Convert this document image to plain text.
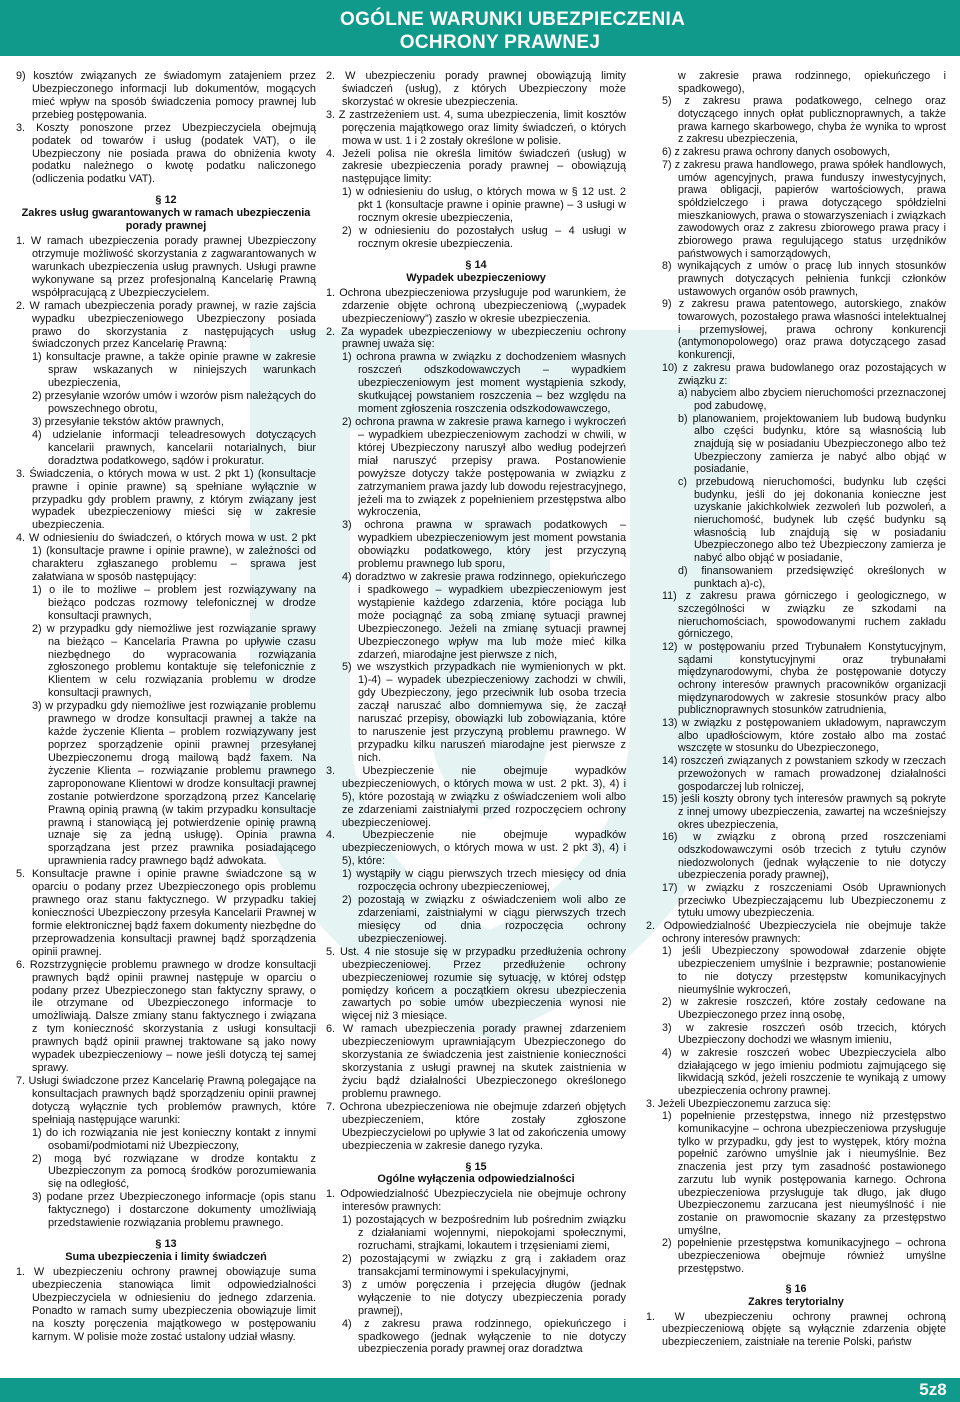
OGÓLNE WARUNKI UBEZPIECZENIA
OCHRONY PRAWNEJ

9) kosztów związanych ze świadomym zatajeniem przez Ubezpieczonego informacji lub dokumentów, mogących mieć wpływ na sposób świadczenia pomocy prawnej lub przebieg postępowania.

3. Koszty ponoszone przez Ubezpieczyciela obejmują podatek od towarów i usług (podatek VAT), o ile Ubezpieczony nie posiada prawa do obniżenia kwoty podatku należnego o kwotę podatku naliczonego (odliczenia podatku VAT).

§ 12
Zakres usług gwarantowanych w ramach ubezpieczenia porady prawnej

1. W ramach ubezpieczenia porady prawnej Ubezpieczony otrzymuje możliwość skorzystania z zagwarantowanych w warunkach ubezpieczenia usług prawnych. Usługi prawne wykonywane są przez profesjonalną Kancelarię Prawną współpracującą z Ubezpieczycielem.

2. W ramach ubezpieczenia porady prawnej, w razie zajścia wypadku ubezpieczeniowego Ubezpieczony posiada prawo do skorzystania z następujących usług świadczonych przez Kancelarię Prawną:

1) konsultacje prawne, a także opinie prawne w zakresie spraw wskazanych w niniejszych warunkach ubezpieczenia,

2) przesyłanie wzorów umów i wzorów pism należących do powszechnego obrotu,

3) przesyłanie tekstów aktów prawnych,

4) udzielanie informacji teleadresowych dotyczących kancelarii prawnych, kancelarii notarialnych, biur doradztwa podatkowego, sądów i prokuratur.

3. Świadczenia, o których mowa w ust. 2 pkt 1) (konsultacje prawne i opinie prawne) są spełniane wyłącznie w przypadku gdy problem prawny, z którym związany jest wypadek ubezpieczeniowy mieści się w zakresie ubezpieczenia.

4. W odniesieniu do świadczeń, o których mowa w ust. 2 pkt 1) (konsultacje prawne i opinie prawne), w zależności od charakteru zgłaszanego problemu – sprawa jest załatwiana w sposób następujący:

1) o ile to możliwe – problem jest rozwiązywany na bieżąco podczas rozmowy telefonicznej w drodze konsultacji prawnych,

2) w przypadku gdy niemożliwe jest rozwiązanie sprawy na bieżąco – Kancelaria Prawna po upływie czasu niezbędnego do wypracowania rozwiązania zgłoszonego problemu kontaktuje się telefonicznie z Klientem w celu rozwiązania problemu w drodze konsultacji prawnych,

3) w przypadku gdy niemożliwe jest rozwiązanie problemu prawnego w drodze konsultacji prawnej a także na każde życzenie Klienta – problem rozwiązywany jest poprzez sporządzenie opinii prawnej przesyłanej Ubezpieczonemu drogą mailową bądź faxem. Na życzenie Klienta – rozwiązanie problemu prawnego zaproponowane Klientowi w drodze konsultacji prawnej zostanie potwierdzone sporządzoną przez Kancelarię Prawną opinią prawną (w takim przypadku konsultacje prawną i stanowiącą jej potwierdzenie opinię prawną uznaje się za jedną usługę). Opinia prawna sporządzana jest przez prawnika posiadającego uprawnienia radcy prawnego bądź adwokata.

5. Konsultacje prawne i opinie prawne świadczone są w oparciu o podany przez Ubezpieczonego opis problemu prawnego oraz stanu faktycznego. W przypadku takiej konieczności Ubezpieczony przesyła Kancelarii Prawnej w formie elektronicznej bądź faxem dokumenty niezbędne do przeprowadzenia konsultacji prawnej bądź sporządzenia opinii prawnej.

6. Rozstrzygnięcie problemu prawnego w drodze konsultacji prawnych bądź opinii prawnej następuje w oparciu o podany przez Ubezpieczonego stan faktyczny sprawy, o ile otrzymane od Ubezpieczonego informacje to umożliwiają. Dalsze zmiany stanu faktycznego i związana z tym konieczność skorzystania z usługi konsultacji prawnych bądź opinii prawnej traktowane są jako nowy wypadek ubezpieczeniowy – nowe jeśli dotyczą tej samej sprawy.

7. Usługi świadczone przez Kancelarię Prawną polegające na konsultacjach prawnych bądź sporządzeniu opinii prawnej dotyczą wyłącznie tych problemów prawnych, które spełniają następujące warunki:

1) do ich rozwiązania nie jest konieczny kontakt z innymi osobami/podmiotami niż Ubezpieczony,

2) mogą być rozwiązane w drodze kontaktu z Ubezpieczonym za pomocą środków porozumiewania się na odległość,

3) podane przez Ubezpieczonego informacje (opis stanu faktycznego) i dostarczone dokumenty umożliwiają przedstawienie rozwiązania problemu prawnego.

§ 13
Suma ubezpieczenia i limity świadczeń

1. W ubezpieczeniu ochrony prawnej obowiązuje suma ubezpieczenia stanowiąca limit odpowiedzialności Ubezpieczyciela w odniesieniu do jednego zdarzenia. Ponadto w ramach sumy ubezpieczenia obowiązuje limit na koszty poręczenia majątkowego w postępowaniu karnym. W polisie może zostać ustalony udział własny.

2. W ubezpieczeniu porady prawnej obowiązują limity świadczeń (usług), z których Ubezpieczony może skorzystać w okresie ubezpieczenia.

3. Z zastrzeżeniem ust. 4, suma ubezpieczenia, limit kosztów poręczenia majątkowego oraz limity świadczeń, o których mowa w ust. 1 i 2 zostały określone w polisie.

4. Jeżeli polisa nie określa limitów świadczeń (usług) w zakresie ubezpieczenia porady prawnej – obowiązują następujące limity:

1) w odniesieniu do usług, o których mowa w § 12 ust. 2 pkt 1 (konsultacje prawne i opinie prawne) – 3 usługi w rocznym okresie ubezpieczenia,

2) w odniesieniu do pozostałych usług – 4 usługi w rocznym okresie ubezpieczenia.

§ 14
Wypadek ubezpieczeniowy

1. Ochrona ubezpieczeniowa przysługuje pod warunkiem, że zdarzenie objęte ochroną ubezpieczeniową („wypadek ubezpieczeniowy”) zaszło w okresie ubezpieczenia.

2. Za wypadek ubezpieczeniowy w ubezpieczeniu ochrony prawnej uważa się:

1) ochrona prawna w związku z dochodzeniem własnych roszczeń odszkodowawczych – wypadkiem ubezpieczeniowym jest moment wystąpienia szkody, skutkującej powstaniem roszczenia – bez względu na moment zgłoszenia roszczenia odszkodowawczego,

2) ochrona prawna w zakresie prawa karnego i wykroczeń – wypadkiem ubezpieczeniowym zachodzi w chwili, w której Ubezpieczony naruszył albo według podejrzeń miał naruszyć przepisy prawa. Postanowienie powyższe dotyczy także postępowania w związku z zatrzymaniem prawa jazdy lub dowodu rejestracyjnego, jeżeli ma to związek z popełnieniem przestępstwa albo wykroczenia,

3) ochrona prawna w sprawach podatkowych – wypadkiem ubezpieczeniowym jest moment powstania obowiązku podatkowego, który jest przyczyną problemu prawnego lub sporu,

4) doradztwo w zakresie prawa rodzinnego, opiekuńczego i spadkowego – wypadkiem ubezpieczeniowym jest wystąpienie każdego zdarzenia, które pociąga lub może pociągnąć za sobą zmianę sytuacji prawnej Ubezpieczonego. Jeżeli na zmianę sytuacji prawnej Ubezpieczonego wpływ ma lub może mieć kilka zdarzeń, miarodajne jest pierwsze z nich,

5) we wszystkich przypadkach nie wymienionych w pkt. 1)-4) – wypadek ubezpieczeniowy zachodzi w chwili, gdy Ubezpieczony, jego przeciwnik lub osoba trzecia zaczął naruszać albo domniemywa się, że zaczął naruszać przepisy, obowiązki lub zobowiązania, które to naruszenie jest przyczyną problemu prawnego. W przypadku kilku naruszeń miarodajne jest pierwsze z nich.

3. Ubezpieczenie nie obejmuje wypadków ubezpieczeniowych, o których mowa w ust. 2 pkt. 3), 4) i 5), które pozostają w związku z oświadczeniem woli albo ze zdarzeniami zaistniałymi przed rozpoczęciem ochrony ubezpieczeniowej.

4. Ubezpieczenie nie obejmuje wypadków ubezpieczeniowych, o których mowa w ust. 2 pkt 3), 4) i 5), które:

1) wystąpiły w ciągu pierwszych trzech miesięcy od dnia rozpoczęcia ochrony ubezpieczeniowej,

2) pozostają w związku z oświadczeniem woli albo ze zdarzeniami, zaistniałymi w ciągu pierwszych trzech miesięcy od dnia rozpoczęcia ochrony ubezpieczeniowej.

5. Ust. 4 nie stosuje się w przypadku przedłużenia ochrony ubezpieczeniowej. Przez przedłużenie ochrony ubezpieczeniowej rozumie się sytuację, w której odstęp pomiędzy końcem a początkiem okresu ubezpieczenia zawartych po sobie umów ubezpieczenia wynosi nie więcej niż 3 miesiące.

6. W ramach ubezpieczenia porady prawnej zdarzeniem ubezpieczeniowym uprawniającym Ubezpieczonego do skorzystania ze świadczenia jest zaistnienie konieczności skorzystania z usługi prawnej na skutek zaistnienia w życiu bądź działalności Ubezpieczonego określonego problemu prawnego.

7. Ochrona ubezpieczeniowa nie obejmuje zdarzeń objętych ubezpieczeniem, które zostały zgłoszone Ubezpieczycielowi po upływie 3 lat od zakończenia umowy ubezpieczenia w zakresie danego ryzyka.

§ 15
Ogólne wyłączenia odpowiedzialności

1. Odpowiedzialność Ubezpieczyciela nie obejmuje ochrony interesów prawnych:

1) pozostających w bezpośrednim lub pośrednim związku z działaniami wojennymi, niepokojami społecznymi, rozruchami, strajkami, lokautem i trzęsieniami ziemi,

2) pozostającymi w związku z grą i zakładem oraz transakcjami terminowymi i spekulacyjnymi,

3) z umów poręczenia i przejęcia długów (jednak wyłączenie to nie dotyczy ubezpieczenia porady prawnej),

4) z zakresu prawa rodzinnego, opiekuńczego i spadkowego (jednak wyłączenie to nie dotyczy ubezpieczenia porady prawnej oraz doradztwa

w zakresie prawa rodzinnego, opiekuńczego i spadkowego),

5) z zakresu prawa podatkowego, celnego oraz dotyczącego innych opłat publicznoprawnych, a także prawa karnego skarbowego, chyba że wynika to wprost z zakresu ubezpieczenia,

6) z zakresu prawa ochrony danych osobowych,

7) z zakresu prawa handlowego, prawa spółek handlowych, umów agencyjnych, prawa funduszy inwestycyjnych, prawa obligacji, papierów wartościowych, prawa spółdzielczego i prawa dotyczącego spółdzielni mieszkaniowych, prawa o stowarzyszeniach i związkach zawodowych oraz z zakresu zbiorowego prawa pracy i zbiorowego prawa regulującego status urzędników państwowych i samorządowych,

8) wynikających z umów o pracę lub innych stosunków prawnych dotyczących pełnienia funkcji członków ustawowych organów osób prawnych,

9) z zakresu prawa patentowego, autorskiego, znaków towarowych, pozostałego prawa własności intelektualnej i przemysłowej, prawa ochrony konkurencji (antymonopolowego) oraz prawa dotyczącego zasad konkurencji,

10) z zakresu prawa budowlanego oraz pozostających w związku z:

a) nabyciem albo zbyciem nieruchomości przeznaczonej pod zabudowę,

b) planowaniem, projektowaniem lub budową budynku albo części budynku, które są własnością lub znajdują się w posiadaniu Ubezpieczonego albo też Ubezpieczony zamierza je nabyć albo objąć w posiadanie,

c) przebudową nieruchomości, budynku lub części budynku, jeśli do jej dokonania konieczne jest uzyskanie jakichkolwiek zezwoleń lub pozwoleń, a nieruchomość, budynek lub część budynku są własnością lub znajdują się w posiadaniu Ubezpieczonego albo też Ubezpieczony zamierza je nabyć albo objąć w posiadanie,

d) finansowaniem przedsięwzięć określonych w punktach a)-c),

11) z zakresu prawa górniczego i geologicznego, w szczególności w związku ze szkodami na nieruchomościach, spowodowanymi ruchem zakładu górniczego,

12) w postępowaniu przed Trybunałem Konstytucyjnym, sądami konstytucyjnymi oraz trybunałami międzynarodowymi, chyba że postępowanie dotyczy ochrony interesów prawnych pracowników organizacji międzynarodowych w zakresie stosunków pracy albo publicznoprawnych stosunków zatrudnienia,

13) w związku z postępowaniem układowym, naprawczym albo upadłościowym, które zostało albo ma zostać wszczęte w stosunku do Ubezpieczonego,

14) roszczeń związanych z powstaniem szkody w rzeczach przewożonych w ramach prowadzonej działalności gospodarczej lub rolniczej,

15) jeśli koszty obrony tych interesów prawnych są pokryte z innej umowy ubezpieczenia, zawartej na wcześniejszy okres ubezpieczenia,

16) w związku z obroną przed roszczeniami odszkodowawczymi osób trzecich z tytułu czynów niedozwolonych (jednak wyłączenie to nie dotyczy ubezpieczenia porady prawnej),

17) w związku z roszczeniami Osób Uprawnionych przeciwko Ubezpieczającemu lub Ubezpieczonemu z tytułu umowy ubezpieczenia.

2. Odpowiedzialność Ubezpieczyciela nie obejmuje także ochrony interesów prawnych:

1) jeśli Ubezpieczony spowodował zdarzenie objęte ubezpieczeniem umyślnie i bezprawnie; postanowienie to nie dotyczy przestępstw komunikacyjnych nieumyślnie wykroczeń,

2) w zakresie roszczeń, które zostały cedowane na Ubezpieczonego przez inną osobę,

3) w zakresie roszczeń osób trzecich, których Ubezpieczony dochodzi we własnym imieniu,

4) w zakresie roszczeń wobec Ubezpieczyciela albo działającego w jego imieniu podmiotu zajmującego się likwidacją szkód, jeżeli roszczenie te wynikają z umowy ubezpieczenia ochrony prawnej.

3. Jeżeli Ubezpieczonemu zarzuca się:

1) popełnienie przestępstwa, innego niż przestępstwo komunikacyjne – ochrona ubezpieczeniowa przysługuje tylko w przypadku, gdy jest to występek, który można popełnić zarówno umyślnie jak i nieumyślnie. Bez znaczenia jest przy tym zasadność postawionego zarzutu lub wynik postępowania karnego. Ochrona ubezpieczeniowa przysługuje tak długo, jak długo Ubezpieczonemu zarzucana jest nieumyślność i nie zostanie on prawomocnie skazany za przestępstwo umyślne,

2) popełnienie przestępstwa komunikacyjnego – ochrona ubezpieczeniowa obejmuje również umyślne przestępstwo.

§ 16
Zakres terytorialny

1. W ubezpieczeniu ochrony prawnej ochroną ubezpieczeniową objęte są wyłącznie zdarzenia objęte ubezpieczeniem, zaistniałe na terenie Polski, państw

5z8
